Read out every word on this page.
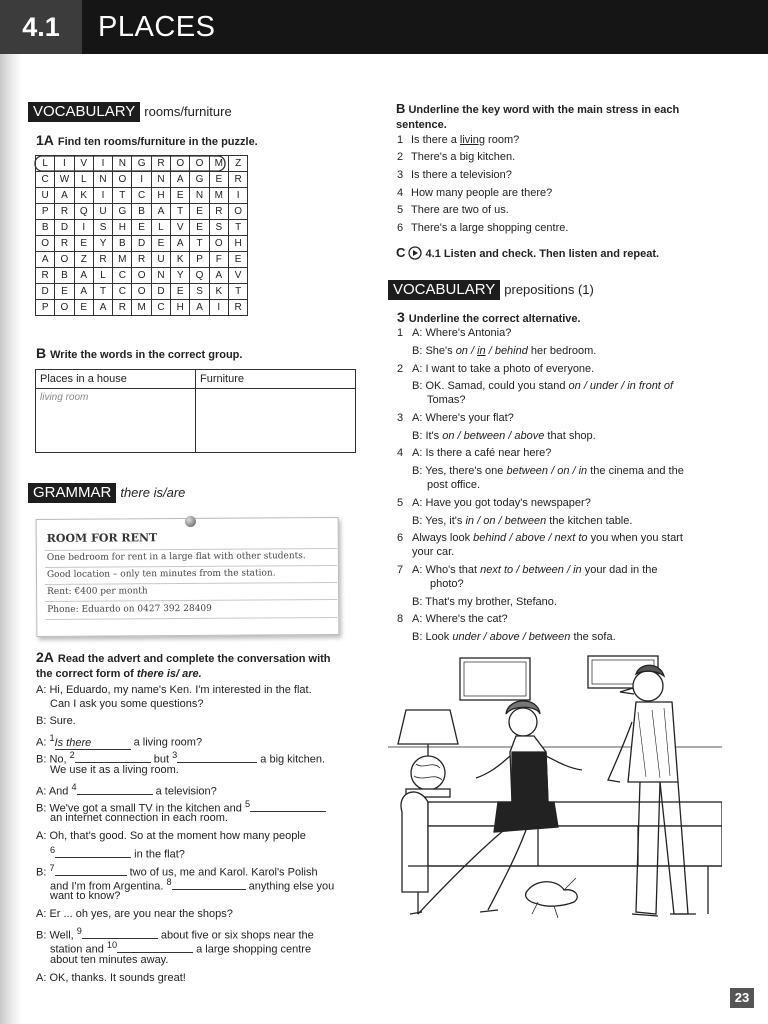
4.1	PLACES
VOCABULARY rooms/furniture
1A Find ten rooms/furniture in the puzzle.
L	I	V	I	N	G	R	O	O	M	Z
C	W	L	N	O	I	N	A	G	E	R
U	A	K	I	T	C	H	E	N	M	I
P	R	Q	U	G	B	A	T	E	R	O
B	D	I	S	H	E	L	V	E	S	T
O	R	E	Y	B	D	E	A	T	O	H
A	O	Z	R	M	R	U	K	P	F	E
R	B	A	L	C	O	N	Y	Q	A	V
D	E	A	T	C	O	D	E	S	K	T
P	O	E	A	R	M	C	H	A	I	R
B Write the words in the correct group.
Places in a house	Furniture
living room	
GRAMMAR there is/are
ROOM FOR RENT
One bedroom for rent in a large flat with other students.
Good location – only ten minutes from the station.
Rent: €400 per month
Phone: Eduardo on 0427 392 28409
2A Read the advert and complete the conversation with the correct form of there is/ are.
A: Hi, Eduardo, my name's Ken. I'm interested in the flat.
Can I ask you some questions?
B: Sure.
A: $^1$Is there	a living room?
B: No, $^2$	but $^3$	a big kitchen.
We use it as a living room.
A: And $^4$	a television?
B: We've got a small TV in the kitchen and $^5$
an internet connection in each room.
A: Oh, that's good. So at the moment how many people
$^6$	in the flat?
B: $^7$	two of us, me and Karol. Karol's Polish
and I'm from Argentina. $^8$	anything else you
want to know?
A: Er ... oh yes, are you near the shops?
B: Well, $^9$	about five or six shops near the
station and $^{10}$	a large shopping centre
about ten minutes away.
A: OK, thanks. It sounds great!
B Underline the key word with the main stress in each sentence.
1 Is there a living room?
2 There's a big kitchen.
3 Is there a television?
4 How many people are there?
5 There are two of us.
6 There's a large shopping centre.
C 4.1 Listen and check. Then listen and repeat.
VOCABULARY prepositions (1)
3 Underline the correct alternative.
1 A: Where's Antonia?
B: She's on / in / behind her bedroom.
2 A: I want to take a photo of everyone.
B: OK. Samad, could you stand on / under / in front of
Tomas?
3 A: Where's your flat?
B: It's on / between / above that shop.
4 A: Is there a café near here?
B: Yes, there's one between / on / in the cinema and the
post office.
5 A: Have you got today's newspaper?
B: Yes, it's in / on / between the kitchen table.
6 Always look behind / above / next to you when you start
your car.
7 A: Who's that next to / between / in your dad in the
photo?
B: That's my brother, Stefano.
8 A: Where's the cat?
B: Look under / above / between the sofa.
23
